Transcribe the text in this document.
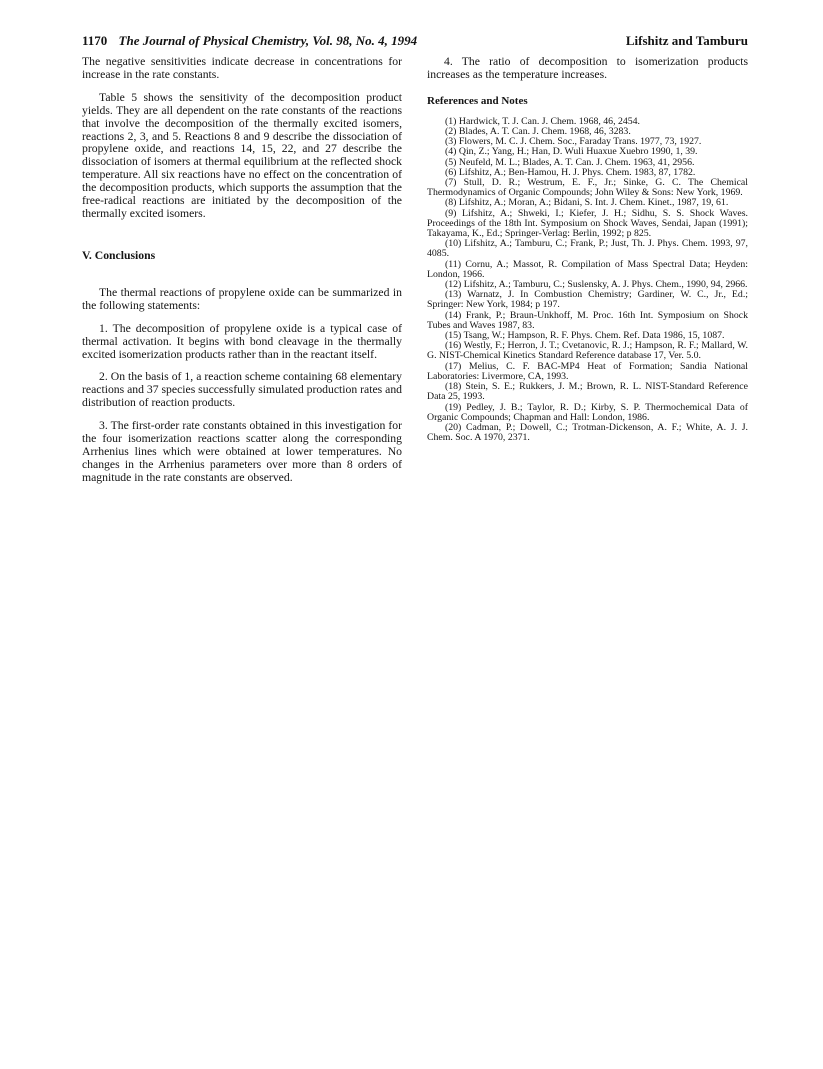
1170 The Journal of Physical Chemistry, Vol. 98, No. 4, 1994	Lifshitz and Tamburu

The negative sensitivities indicate decrease in concentrations for increase in the rate constants.

Table 5 shows the sensitivity of the decomposition product yields. They are all dependent on the rate constants of the reactions that involve the decomposition of the thermally excited isomers, reactions 2, 3, and 5. Reactions 8 and 9 describe the dissociation of propylene oxide, and reactions 14, 15, 22, and 27 describe the dissociation of isomers at thermal equilibrium at the reflected shock temperature. All six reactions have no effect on the concentration of the decomposition products, which supports the assumption that the free-radical reactions are initiated by the decomposition of the thermally excited isomers.

V. Conclusions

The thermal reactions of propylene oxide can be summarized in the following statements:

1. The decomposition of propylene oxide is a typical case of thermal activation. It begins with bond cleavage in the thermally excited isomerization products rather than in the reactant itself.

2. On the basis of 1, a reaction scheme containing 68 elementary reactions and 37 species successfully simulated production rates and distribution of reaction products.

3. The first-order rate constants obtained in this investigation for the four isomerization reactions scatter along the corresponding Arrhenius lines which were obtained at lower temperatures. No changes in the Arrhenius parameters over more than 8 orders of magnitude in the rate constants are observed.

4. The ratio of decomposition to isomerization products increases as the temperature increases.

References and Notes
(1) Hardwick, T. J. Can. J. Chem. 1968, 46, 2454.
(2) Blades, A. T. Can. J. Chem. 1968, 46, 3283.
(3) Flowers, M. C. J. Chem. Soc., Faraday Trans. 1977, 73, 1927.
(4) Qin, Z.; Yang, H.; Han, D. Wuli Huaxue Xuebro 1990, 1, 39.
(5) Neufeld, M. L.; Blades, A. T. Can. J. Chem. 1963, 41, 2956.
(6) Lifshitz, A.; Ben-Hamou, H. J. Phys. Chem. 1983, 87, 1782.
(7) Stull, D. R.; Westrum, E. F., Jr.; Sinke, G. C. The Chemical Thermodynamics of Organic Compounds; John Wiley & Sons: New York, 1969.
(8) Lifshitz, A.; Moran, A.; Bidani, S. Int. J. Chem. Kinet., 1987, 19, 61.
(9) Lifshitz, A.; Shweki, I.; Kiefer, J. H.; Sidhu, S. S. Shock Waves. Proceedings of the 18th Int. Symposium on Shock Waves, Sendai, Japan (1991); Takayama, K., Ed.; Springer-Verlag: Berlin, 1992; p 825.
(10) Lifshitz, A.; Tamburu, C.; Frank, P.; Just, Th. J. Phys. Chem. 1993, 97, 4085.
(11) Cornu, A.; Massot, R. Compilation of Mass Spectral Data; Heyden: London, 1966.
(12) Lifshitz, A.; Tamburu, C.; Suslensky, A. J. Phys. Chem., 1990, 94, 2966.
(13) Warnatz, J. In Combustion Chemistry; Gardiner, W. C., Jr., Ed.; Springer: New York, 1984; p 197.
(14) Frank, P.; Braun-Unkhoff, M. Proc. 16th Int. Symposium on Shock Tubes and Waves 1987, 83.
(15) Tsang, W.; Hampson, R. F. Phys. Chem. Ref. Data 1986, 15, 1087.
(16) Westly, F.; Herron, J. T.; Cvetanovic, R. J.; Hampson, R. F.; Mallard, W. G. NIST-Chemical Kinetics Standard Reference database 17, Ver. 5.0.
(17) Melius, C. F. BAC-MP4 Heat of Formation; Sandia National Laboratories: Livermore, CA, 1993.
(18) Stein, S. E.; Rukkers, J. M.; Brown, R. L. NIST-Standard Reference Data 25, 1993.
(19) Pedley, J. B.; Taylor, R. D.; Kirby, S. P. Thermochemical Data of Organic Compounds; Chapman and Hall: London, 1986.
(20) Cadman, P.; Dowell, C.; Trotman-Dickenson, A. F.; White, A. J. J. Chem. Soc. A 1970, 2371.
